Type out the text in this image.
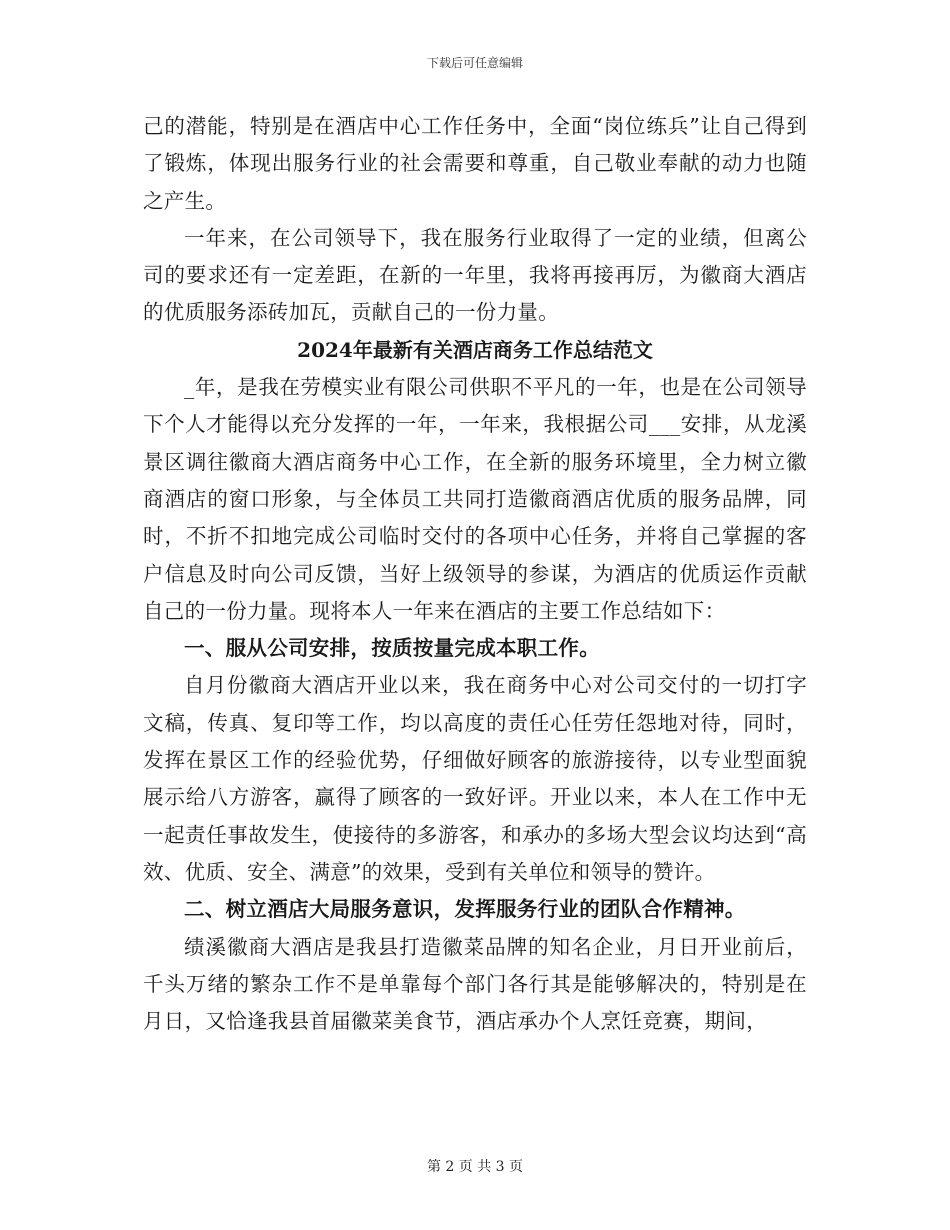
下载后可任意编辑

己的潜能，特别是在酒店中心工作任务中，全面“岗位练兵”让自己得到了锻炼，体现出服务行业的社会需要和尊重，自己敬业奉献的动力也随之产生。

一年来，在公司领导下，我在服务行业取得了一定的业绩，但离公司的要求还有一定差距，在新的一年里，我将再接再厉，为徽商大酒店的优质服务添砖加瓦，贡献自己的一份力量。

2024年最新有关酒店商务工作总结范文

_年，是我在劳模实业有限公司供职不平凡的一年，也是在公司领导下个人才能得以充分发挥的一年，一年来，我根据公司___安排，从龙溪景区调往徽商大酒店商务中心工作，在全新的服务环境里，全力树立徽商酒店的窗口形象，与全体员工共同打造徽商酒店优质的服务品牌，同时，不折不扣地完成公司临时交付的各项中心任务，并将自己掌握的客户信息及时向公司反馈，当好上级领导的参谋，为酒店的优质运作贡献自己的一份力量。现将本人一年来在酒店的主要工作总结如下：

一、服从公司安排，按质按量完成本职工作。

自月份徽商大酒店开业以来，我在商务中心对公司交付的一切打字文稿，传真、复印等工作，均以高度的责任心任劳任怨地对待，同时，发挥在景区工作的经验优势，仔细做好顾客的旅游接待，以专业型面貌展示给八方游客，赢得了顾客的一致好评。开业以来，本人在工作中无一起责任事故发生，使接待的多游客，和承办的多场大型会议均达到“高效、优质、安全、满意”的效果，受到有关单位和领导的赞许。

二、树立酒店大局服务意识，发挥服务行业的团队合作精神。

绩溪徽商大酒店是我县打造徽菜品牌的知名企业，月日开业前后，千头万绪的繁杂工作不是单靠每个部门各行其是能够解决的，特别是在月日，又恰逢我县首届徽菜美食节，酒店承办个人烹饪竞赛，期间，

第 2 页 共 3 页
